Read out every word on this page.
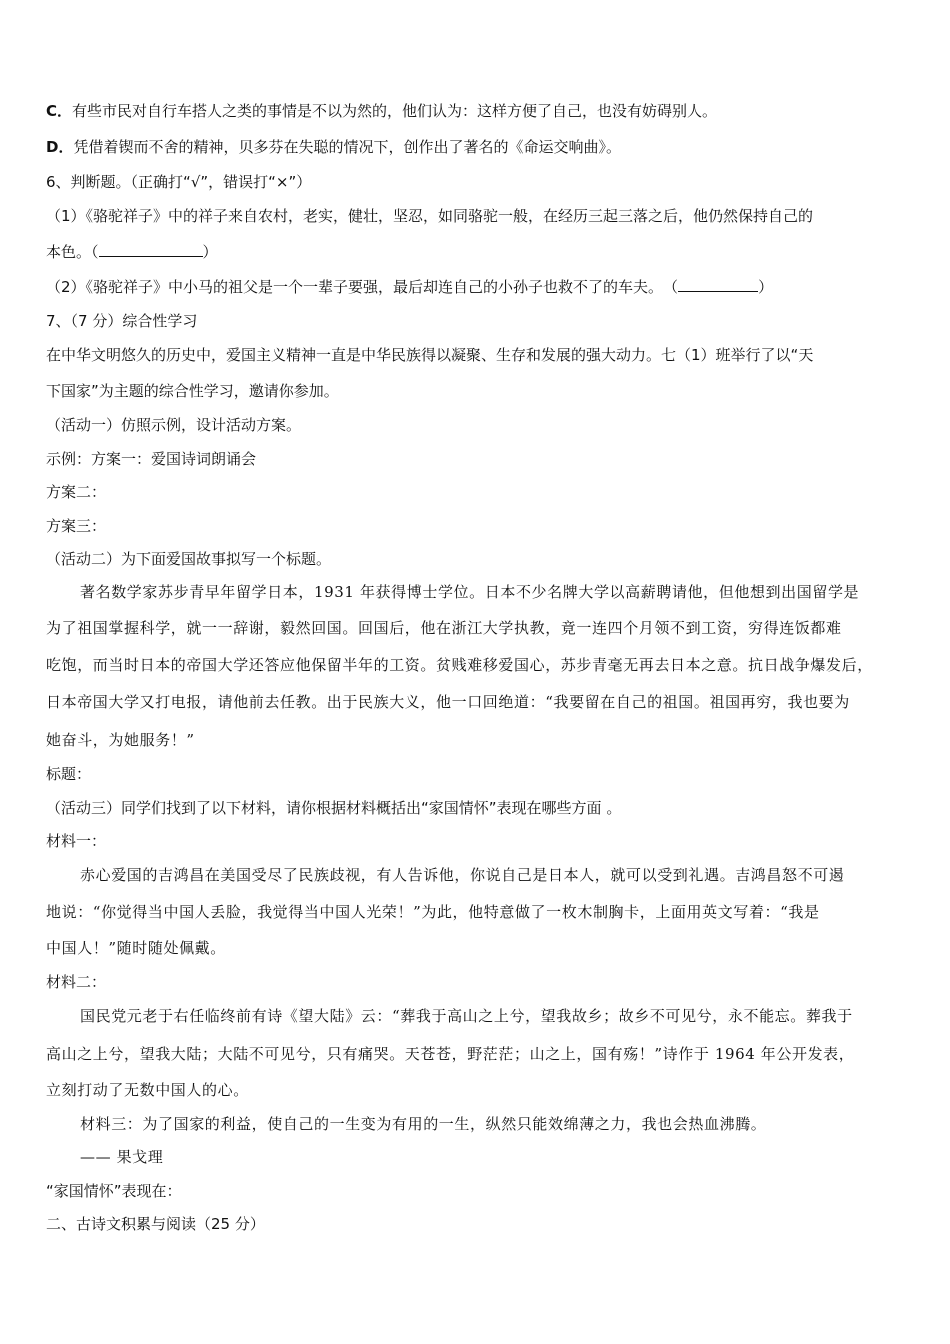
C．有些市民对自行车搭人之类的事情是不以为然的，他们认为：这样方便了自己，也没有妨碍别人。
D．凭借着锲而不舍的精神，贝多芬在失聪的情况下，创作出了著名的《命运交响曲》。
6、判断题。（正确打“√”，错误打“×”）
（1）《骆驼祥子》中的祥子来自农村，老实，健壮，坚忍，如同骆驼一般，在经历三起三落之后，他仍然保持自己的
本色。（	）
（2）《骆驼祥子》中小马的祖父是一个一辈子要强，最后却连自己的小孙子也救不了的车夫。　（	）
7、（7 分）综合性学习
在中华文明悠久的历史中，爱国主义精神一直是中华民族得以凝聚、生存和发展的强大动力。七（1）班举行了以“天
下国家”为主题的综合性学习，邀请你参加。
（活动一）仿照示例，设计活动方案。
示例：方案一：爱国诗词朗诵会
方案二：
方案三：
（活动二）为下面爱国故事拟写一个标题。
著名数学家苏步青早年留学日本，1931 年获得博士学位。日本不少名牌大学以高薪聘请他，但他想到出国留学是
为了祖国掌握科学，就一一辞谢，毅然回国。回国后，他在浙江大学执教，竟一连四个月领不到工资，穷得连饭都难
吃饱，而当时日本的帝国大学还答应他保留半年的工资。贫贱难移爱国心，苏步青毫无再去日本之意。抗日战争爆发后，
日本帝国大学又打电报，请他前去任教。出于民族大义，他一口回绝道：“我要留在自己的祖国。祖国再穷，我也要为
她奋斗，为她服务！”
标题：
（活动三）同学们找到了以下材料，请你根据材料概括出“家国情怀”表现在哪些方面 。
材料一：
赤心爱国的吉鸿昌在美国受尽了民族歧视，有人告诉他，你说自己是日本人，就可以受到礼遇。吉鸿昌怒不可遏
地说：“你觉得当中国人丢脸，我觉得当中国人光荣！”为此，他特意做了一枚木制胸卡，上面用英文写着：“我是
中国人！”随时随处佩戴。
材料二：
国民党元老于右任临终前有诗《望大陆》云：“葬我于高山之上兮，望我故乡；故乡不可见兮，永不能忘。葬我于
高山之上兮，望我大陆；大陆不可见兮，只有痛哭。天苍苍，野茫茫；山之上，国有殇！”诗作于 1964 年公开发表，
立刻打动了无数中国人的心。
材料三：为了国家的利益，使自己的一生变为有用的一生，纵然只能效绵薄之力，我也会热血沸腾。
—— 果戈理
“家国情怀”表现在：
二、古诗文积累与阅读（25 分）
